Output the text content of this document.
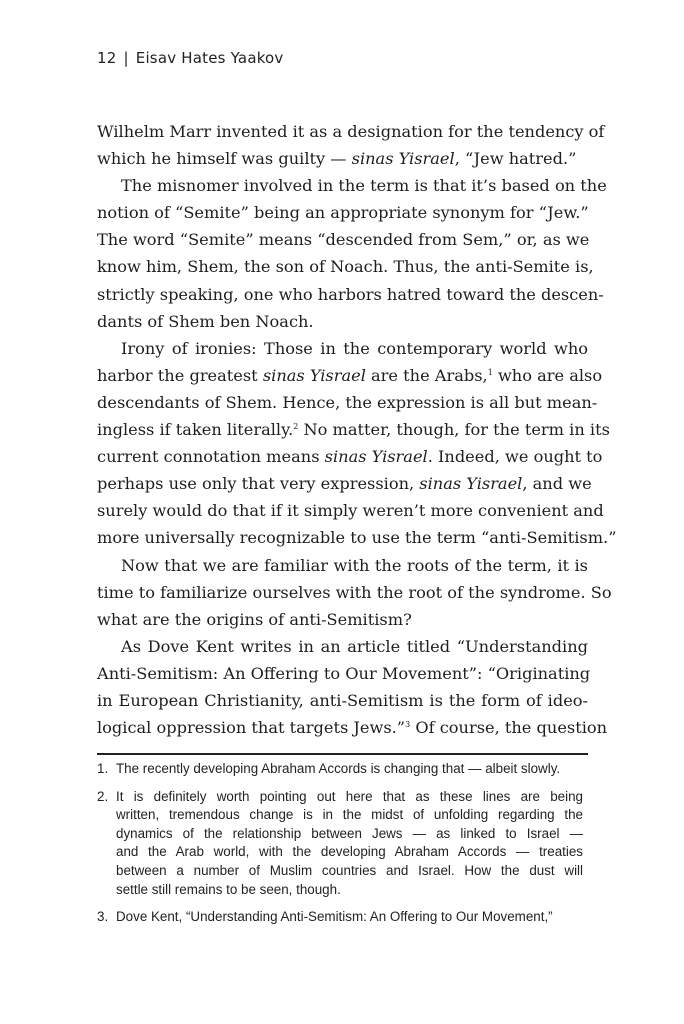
12 | Eisav Hates Yaakov
Wilhelm Marr invented it as a designation for the tendency of
which he himself was guilty — sinas Yisrael, “Jew hatred.”
The misnomer involved in the term is that it’s based on the
notion of “Semite” being an appropriate synonym for “Jew.”
The word “Semite” means “descended from Sem,” or, as we
know him, Shem, the son of Noach. Thus, the anti-Semite is,
strictly speaking, one who harbors hatred toward the descen-
dants of Shem ben Noach.
Irony of ironies: Those in the contemporary world who
harbor the greatest sinas Yisrael are the Arabs,$^1$ who are also
descendants of Shem. Hence, the expression is all but mean-
ingless if taken literally.$^2$ No matter, though, for the term in its
current connotation means sinas Yisrael. Indeed, we ought to
perhaps use only that very expression, sinas Yisrael, and we
surely would do that if it simply weren’t more convenient and
more universally recognizable to use the term “anti-Semitism.”
Now that we are familiar with the roots of the term, it is
time to familiarize ourselves with the root of the syndrome. So
what are the origins of anti-Semitism?
As Dove Kent writes in an article titled “Understanding
Anti-Semitism: An Offering to Our Movement”: “Originating
in European Christianity, anti-Semitism is the form of ideo-
logical oppression that targets Jews.”$^3$ Of course, the question
1. The recently developing Abraham Accords is changing that — albeit slowly.
2. It is definitely worth pointing out here that as these lines are being
written, tremendous change is in the midst of unfolding regarding the
dynamics of the relationship between Jews — as linked to Israel —
and the Arab world, with the developing Abraham Accords — treaties
between a number of Muslim countries and Israel. How the dust will
settle still remains to be seen, though.
3. Dove Kent, “Understanding Anti-Semitism: An Offering to Our Movement,”
